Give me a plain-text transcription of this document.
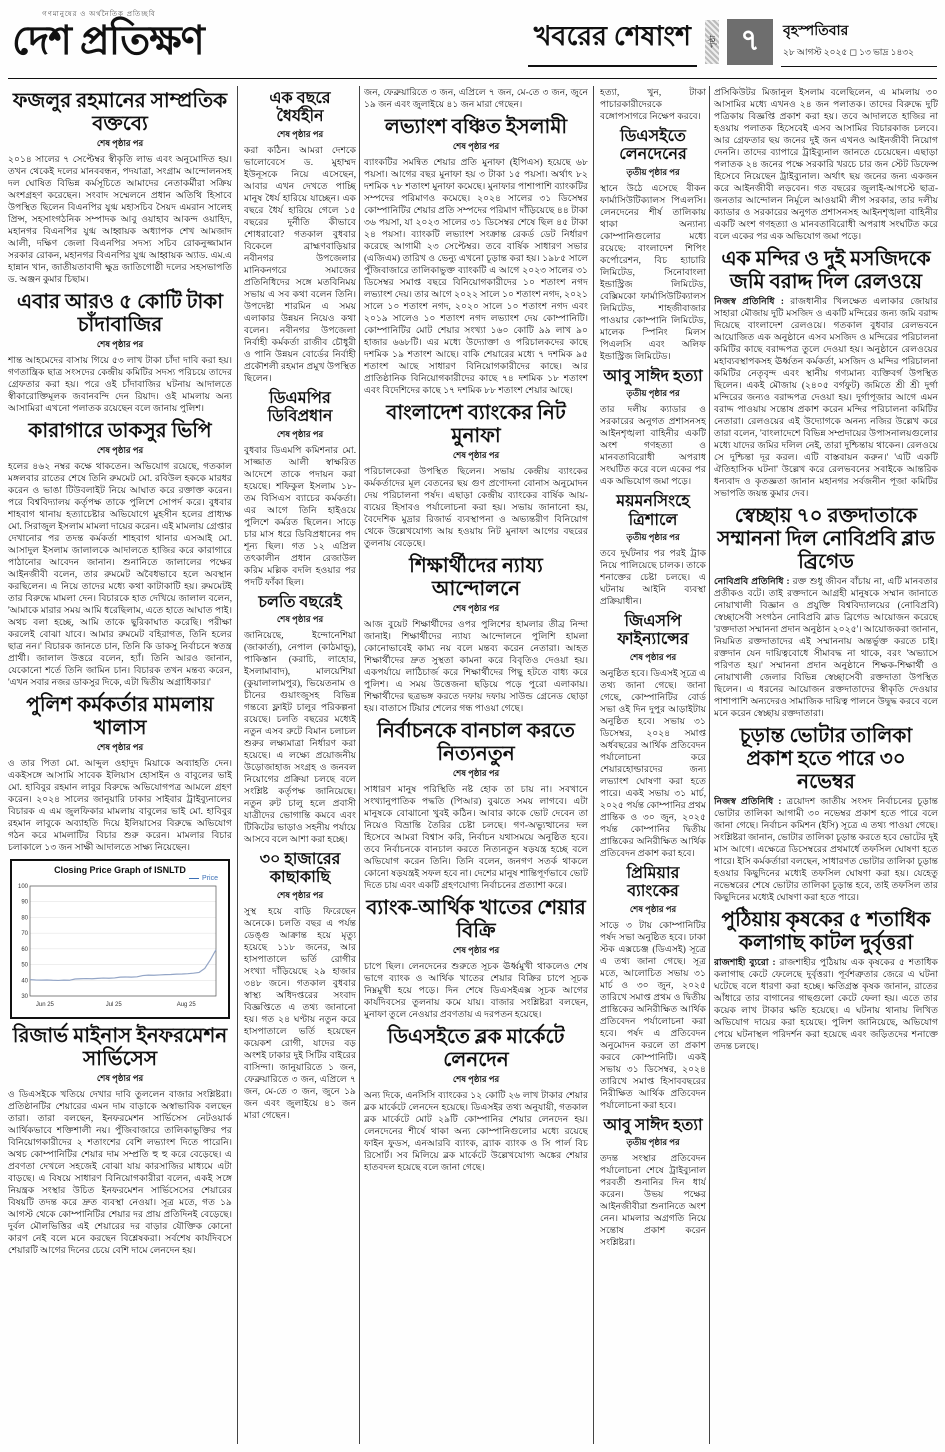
গণমানুষের ও অর্থনৈতিক প্রতিচ্ছবি
দেশ প্রতিক্ষণ	খবরের শেষাংশ	পৃষ্ঠা ৭	বৃহস্পতিবার
২৮ আগস্ট ২০২৫ ◻ ১৩ ভাদ্র ১৪৩২
ফজলুর রহমানের সাম্প্রতিক বক্তব্যে
শেষ পৃষ্ঠার পর
২০১৪ সালের ৭ সেপ্টেম্বর স্বীকৃতি লাভ এবং অনুমোদিত হয়। তখন থেকেই দলের মানববন্ধন, পদযাত্রা, সংগ্রাম আন্দোলনসহ দল ঘোষিত বিভিন্ন কর্মসূচিতে আমাদের নেতাকর্মীরা সক্রিয় অংশগ্রহণ করেছেন। সংবাদ সম্মেলনে প্রধান অতিথি হিসাবে উপস্থিত ছিলেন বিএনপির যুগ্ম মহাসচিব সৈয়দ এমরান সালেহ প্রিন্স, সহসাংগঠনিক সম্পাদক আবু ওয়াহাব আকন্দ ওয়াহিদ, মহানগর বিএনপির যুগ্ম আহ্বায়ক অধ্যাপক শেখ আমজাদ আলী, দক্ষিণ জেলা বিএনপির সদস্য সচিব রোকনুজ্জামান সরকার রোকন, মহানগর বিএনপির যুগ্ম আহ্বায়ক অ্যাড. এম.এ হান্নান খান, জাতীয়তাবাদী ক্ষুদ্র জাতিগোষ্ঠী দলের সহসভাপতি ড. অঞ্জন কুমার চিছাম।
এবার আরও ৫ কোটি টাকা চাঁদাবাজির
শেষ পৃষ্ঠার পর
শান্ত আহমেদের বাসায় গিয়ে ৫৩ লাখ টাকা চাঁদা দাবি করা হয়। গণতান্ত্রিক ছাত্র সংসদের কেন্দ্রীয় কমিটির সদস্য পরিচয়ে তাদের গ্রেফতার করা হয়। পরে ওই চাঁদাবাজির ঘটনায় আদালতে স্বীকারোক্তিমূলক জবানবন্দি দেন রিয়াদ। ওই মামলায় অন্য আসামিরা এখনো পলাতক রয়েছেন বলে জানায় পুলিশ।
কারাগারে ডাকসুর ভিপি
শেষ পৃষ্ঠার পর
হলের ৪৬২ নম্বর কক্ষে থাকতেন। অভিযোগ রয়েছে, গতকাল মঙ্গলবার রাতের শেষে তিনি রুমমেট মো. রবিউল হককে মারধর করেন ও ভাঙা টিউবলাইট নিয়ে আঘাত করে রক্তাক্ত করেন। পরে বিশ্ববিদ্যালয় কর্তৃপক্ষ তাকে পুলিশে সোপর্দ করে। বুধবার শাহবাগ থানায় হত্যাচেষ্টার অভিযোগে মুহসীন হলের প্রাধ্যক্ষ মো. সিরাজুল ইসলাম মামলা দায়ের করেন। এই মামলায় গ্রেপ্তার দেখানোর পর তদন্ত কর্মকর্তা শাহবাগ থানার এসআই মো. আসাদুল ইসলাম জালালকে আদালতে হাজির করে কারাগারে পাঠানোর আবেদন জানান। শুনানিতে জালালের পক্ষের আইনজীবী বলেন, তার রুমমেট অবৈধভাবে হলে অবস্থান করছিলেন। এ নিয়ে তাদের মধ্যে কথা কাটাকাটি হয়। রুমমেটই তার বিরুদ্ধে মামলা দেন। বিচারকে হাত দেখিয়ে জালাল বলেন, 'আমাকে মারার সময় আমি ধরেছিলাম, এতে হাতে আঘাত পাই। অথচ বলা হচ্ছে, আমি তাকে ছুরিকাঘাত করেছি। পরীক্ষা করলেই বোঝা যাবে। আমার রুমমেট বহিরাগত, তিনি হলের ছাত্র নন।' বিচারক জানতে চান, তিনি কি ডাকসু নির্বাচনে স্বতন্ত্র প্রার্থী। জালাল উত্তরে বলেন, হ্যাঁ। তিনি আরও জানান, যেকোনো শর্তে তিনি জামিন চান। বিচারক তখন মন্তব্য করেন, 'এখন সবার নজর ডাকসুর দিকে, এটা দ্বিতীয় অগ্রাধিকার।'
পুলিশ কর্মকর্তার মামলায় খালাস
শেষ পৃষ্ঠার পর
ও তার পিতা মো. আব্দুল ওহাদুদ মিয়াকে অব্যাহতি দেন। একইসঙ্গে আসামি সাবেক ইলিয়াস হোসাইন ও বাবুলের ভাই মো. হাবিবুর রহমান লাবুর বিরুদ্ধে অভিযোগপত্র আমলে গ্রহণ করেন। ২০২৪ সালের জানুয়ারি ঢাকার সাইবার ট্রাইব্যুনালের বিচারক এ এম জুলফিকার মামলায় বাবুলের ভাই মো. হাবিবুর রহমান লাবুকে অব্যাহতি দিয়ে ইলিয়াসের বিরুদ্ধে অভিযোগ গঠন করে মামলাটির বিচার শুরু করেন। মামলার বিচার চলাকালে ১৩ জন সাক্ষী আদালতে সাক্ষ্য নিয়েছেন।
Closing Price Graph of ISNLTD
Price
30
40
50
60
70
80
90
100
Jun 25	Jul 25	Aug 25
রিজার্ভ মাইনাস ইনফরমেশন সার্ভিসেস
শেষ পৃষ্ঠার পর
ও ডিএসইকে খতিয়ে দেখার দাবি তুললেন বাজার সংশ্লিষ্টরা। প্রতিষ্ঠানটির শেয়ারের এমন দাম বাড়াকে অস্বাভাবিক বলছেন তারা। তারা বলছেন, ইনফরমেশন সার্ভিসেস নেটওয়ার্ক আর্থিকভাবে শক্তিশালী নয়। পুঁজিবাজারে তালিকাভুক্তির পর বিনিয়োগকারীদের ২ শতাংশের বেশি লভ্যাংশ দিতে পারেনি। অথচ কোম্পানিটির শেয়ার দাম সম্প্রতি হু হু করে বেড়েছে। এ প্রবণতা দেখলে সহজেই বোঝা যায় কারসাজির মাধ্যমে এটা বাড়ছে। এ বিষয়ে সাধারণ বিনিয়োগকারীরা বলেন, একই সঙ্গে নিয়ন্ত্রক সংস্থার উচিত ইনফরমেশন সার্ভিসেসের শেয়ারের বিষয়টি তদন্ত করে দ্রুত ব্যবস্থা নেওয়া। সূত্র মতে, গত ১৯ আগস্ট থেকে কোম্পানিটির শেয়ার দর প্রায় প্রতিদিনই বেড়েছে। দুর্বল মৌলভিত্তির এই শেয়ারের দর বাড়ার যৌক্তিক কোনো কারণ নেই বলে মনে করছেন বিশ্লেষকরা। সর্বশেষ কার্যদিবসে শেয়ারটি আগের দিনের চেয়ে বেশি দামে লেনদেন হয়।
এক বছরে ধৈর্যহীন
শেষ পৃষ্ঠার পর
করা কঠিন। আমরা দেশকে ভালোবেসে ড. মুহাম্মদ ইউনূসকে নিয়ে এসেছেন, আবার এখন দেখতে পাচ্ছি মানুষ ধৈর্য হারিয়ে যাচ্ছেন। এক বছরে ধৈর্য হারিয়ে গেলে ১৫ বছরের দুর্নীতি কীভাবে শোধরাবো? গতকাল বুধবার বিকেলে ব্রাহ্মণবাড়িয়ার নবীনগর উপজেলার মানিকনগরে সমাজের প্রতিনিধিদের সঙ্গে মতবিনিময় সভায় এ সব কথা বলেন তিনি। উপদেষ্টা শারমিন এ সময় এলাকার উন্নয়ন নিয়েও কথা বলেন। নবীনগর উপজেলা নির্বাহী কর্মকর্তা রাজীব চৌধুরী ও পানি উন্নয়ন বোর্ডের নির্বাহী প্রকৌশলী রহমান প্রমুখ উপস্থিত ছিলেন।
ডিএমপির ডিবিপ্রধান
শেষ পৃষ্ঠার পর
বুধবার ডিএমপি কমিশনার মো. সাজ্জাত আলী স্বাক্ষরিত আদেশে তাকে পদায়ন করা হয়েছে। শফিকুল ইসলাম ১৮-তম বিসিএস ব্যাচের কর্মকর্তা। এর আগে তিনি হাইওয়ে পুলিশে কর্মরত ছিলেন। সাড়ে চার মাস ধরে ডিবিপ্রধানের পদ শূন্য ছিল। গত ১২ এপ্রিল তৎকালীন প্রধান রেজাউল করিম মল্লিক বদলি হওয়ার পর পদটি ফাঁকা ছিল।
চলতি বছরেই
শেষ পৃষ্ঠার পর
জানিয়েছে, ইন্দোনেশিয়া (জাকার্তা), নেপাল (কাঠমান্ডু), পাকিস্তান (করাচি, লাহোর, ইসলামাবাদ), মালয়েশিয়া (কুয়ালালামপুর), ভিয়েতনাম ও চীনের গুয়াংজুসহ বিভিন্ন গন্তব্যে ফ্লাইট চালুর পরিকল্পনা রয়েছে। চলতি বছরের মধ্যেই নতুন এসব রুটে বিমান চলাচল শুরুর লক্ষ্যমাত্রা নির্ধারণ করা হয়েছে। এ লক্ষ্যে প্রয়োজনীয় উড়োজাহাজ সংগ্রহ ও জনবল নিয়োগের প্রক্রিয়া চলছে বলে সংশ্লিষ্ট কর্তৃপক্ষ জানিয়েছে। নতুন রুট চালু হলে প্রবাসী যাত্রীদের ভোগান্তি কমবে এবং টিকিটের ভাড়াও সহনীয় পর্যায়ে আসবে বলে আশা করা হচ্ছে।
৩০ হাজারের কাছাকাছি
শেষ পৃষ্ঠার পর
সুস্থ হয়ে বাড়ি ফিরেছেন অনেকে। চলতি বছর এ পর্যন্ত ডেঙ্গু আক্রান্ত হয়ে মৃত্যু হয়েছে ১১৮ জনের, আর হাসপাতালে ভর্তি রোগীর সংখ্যা দাঁড়িয়েছে ২৯ হাজার ৩৪৮ জনে। গতকাল বুধবার স্বাস্থ্য অধিদপ্তরের সংবাদ বিজ্ঞপ্তিতে এ তথ্য জানানো হয়। গত ২৪ ঘণ্টায় নতুন করে হাসপাতালে ভর্তি হয়েছেন কয়েকশ রোগী, যাদের বড় অংশই ঢাকার দুই সিটির বাইরের বাসিন্দা। জানুয়ারিতে ১ জন, ফেব্রুয়ারিতে ৩ জন, এপ্রিলে ৭ জন, মে-তে ৩ জন, জুনে ১৯ জন এবং জুলাইয়ে ৪১ জন মারা গেছেন।
জন, ফেব্রুয়ারিতে ৩ জন, এপ্রিলে ৭ জন, মে-তে ৩ জন, জুনে ১৯ জন এবং জুলাইয়ে ৪১ জন মারা গেছেন।
লভ্যাংশ বঞ্চিত ইসলামী
শেষ পৃষ্ঠার পর
ব্যাংকটির সমন্বিত শেয়ার প্রতি মুনাফা (ইপিএস) হয়েছে ৬৮ পয়সা। আগের বছর মুনাফা হয় ৩ টাকা ১৫ পয়সা। অর্থাৎ ৮২ দশমিক ৭৮ শতাংশ মুনাফা কমেছে। মুনাফার পাশাপাশি ব্যাংকটির সম্পদের পরিমাণও কমেছে। ২০২৪ সালের ৩১ ডিসেম্বর কোম্পানিটির শেয়ার প্রতি সম্পদের পরিমাণ দাঁড়িয়েছে ৪৪ টাকা ৩৬ পয়সা, যা ২০২৩ সালের ৩১ ডিসেম্বর শেষে ছিল ৪৫ টাকা ২৪ পয়সা। ব্যাংকটি লভ্যাংশ সংক্রান্ত রেকর্ড ডেট নির্ধারণ করেছে আগামী ২৩ সেপ্টেম্বর। তবে বার্ষিক সাধারণ সভার (এজিএম) তারিখ ও ভেন্যু এখনো চূড়ান্ত করা হয়। ১৯৮৫ সালে পুঁজিবাজারে তালিকাভুক্ত ব্যাংকটি এ আগে ২০২৩ সালের ৩১ ডিসেম্বর সমাপ্ত বছরে বিনিয়োগকারীদের ১০ শতাংশ নগদ লভ্যাংশ দেয়। তার আগে ২০২২ সালে ১০ শতাংশ নগদ, ২০২১ সালে ১০ শতাংশ নগদ, ২০২০ সালে ১০ শতাংশ নগদ এবং ২০১৯ সালেও ১০ শতাংশ নগদ লভ্যাংশ দেয় কোম্পানিটি। কোম্পানিটির মোট শেয়ার সংখ্যা ১৬০ কোটি ৯৯ লাখ ৯০ হাজার ৬৬৮টি। এর মধ্যে উদ্যোক্তা ও পরিচালকদের কাছে দশমিক ১৯ শতাংশ আছে। বাকি শেয়ারের মধ্যে ৭ দশমিক ৯৫ শতাংশ আছে সাধারণ বিনিয়োগকারীদের কাছে। আর প্রাতিষ্ঠানিক বিনিয়োগকারীদের কাছে ৭৪ দশমিক ১৮ শতাংশ এবং বিদেশিদের কাছে ১৭ দশমিক ৮৮ শতাংশ শেয়ার আছে।
বাংলাদেশ ব্যাংকের নিট মুনাফা
শেষ পৃষ্ঠার পর
পরিচালকেরা উপস্থিত ছিলেন। সভায় কেন্দ্রীয় ব্যাংকের কর্মকর্তাদের মূল বেতনের ছয় গুণ প্রণোদনা বোনাস অনুমোদন দেয় পরিচালনা পর্ষদ। এছাড়া কেন্দ্রীয় ব্যাংকের বার্ষিক আয়-ব্যয়ের হিসাবও পর্যালোচনা করা হয়। সভায় জানানো হয়, বৈদেশিক মুদ্রার রিজার্ভ ব্যবস্থাপনা ও অভ্যন্তরীণ বিনিয়োগ থেকে উল্লেখযোগ্য আয় হওয়ায় নিট মুনাফা আগের বছরের তুলনায় বেড়েছে।
শিক্ষার্থীদের ন্যায্য আন্দোলনে
শেষ পৃষ্ঠার পর
আজ বুয়েট শিক্ষার্থীদের ওপর পুলিশের হামলার তীব্র নিন্দা জানাই। শিক্ষার্থীদের ন্যায্য আন্দোলনে পুলিশি হামলা কোনোভাবেই কাম্য নয় বলে মন্তব্য করেন নেতারা। আহত শিক্ষার্থীদের দ্রুত সুস্থতা কামনা করে বিবৃতিও দেওয়া হয়। একপর্যায়ে লাঠিচার্জ করে শিক্ষার্থীদের পিছু হটতে বাধ্য করে পুলিশ। এ সময় উত্তেজনা ছড়িয়ে পড়ে পুরো এলাকায়। শিক্ষার্থীদের ছত্রভঙ্গ করতে দফায় দফায় সাউন্ড গ্রেনেড ছোড়া হয়। বাতাসে টিয়ার শেলের গন্ধ পাওয়া গেছে।
নির্বাচনকে বানচাল করতে নিত্যনতুন
শেষ পৃষ্ঠার পর
সাধারণ মানুষ পরিস্থিতি নষ্ট হোক তা চায় না। সবখানে সংখ্যানুপাতিক পদ্ধতি (পিআর) বুঝতে সময় লাগবে। এটা মানুষকে বোঝানো খুবই কঠিন। আবার কাকে ভোট দেবেন তা নিয়েও বিভ্রান্তি তৈরির চেষ্টা চলছে। গণ-অভ্যুত্থানের দল হিসেবে আমরা বিশ্বাস করি, নির্বাচন যথাসময়ে অনুষ্ঠিত হবে। তবে নির্বাচনকে বানচাল করতে নিত্যনতুন ষড়যন্ত্র হচ্ছে বলে অভিযোগ করেন তিনি। তিনি বলেন, জনগণ সতর্ক থাকলে কোনো ষড়যন্ত্রই সফল হবে না। দেশের মানুষ শান্তিপূর্ণভাবে ভোট দিতে চায় এবং একটি গ্রহণযোগ্য নির্বাচনের প্রত্যাশা করে।
ব্যাংক-আর্থিক খাতের শেয়ার বিক্রি
শেষ পৃষ্ঠার পর
চাপে ছিল। লেনদেনের শুরুতে সূচক ঊর্ধ্বমুখী থাকলেও শেষ ভাগে ব্যাংক ও আর্থিক খাতের শেয়ার বিক্রির চাপে সূচক নিম্নমুখী হয়ে পড়ে। দিন শেষে ডিএসইএক্স সূচক আগের কার্যদিবসের তুলনায় কমে যায়। বাজার সংশ্লিষ্টরা বলছেন, মুনাফা তুলে নেওয়ার প্রবণতায় এ দরপতন হয়েছে।
ডিএসইতে ব্লক মার্কেটে লেনদেন
শেষ পৃষ্ঠার পর
অন্য দিকে, এনসিসি ব্যাংকের ১২ কোটি ২৬ লাখ টাকার শেয়ার ব্লক মার্কেটে লেনদেন হয়েছে। ডিএসইর তথ্য অনুযায়ী, গতকাল ব্লক মার্কেটে মোট ২৯টি কোম্পানির শেয়ার লেনদেন হয়। লেনদেনের শীর্ষে থাকা অন্য কোম্পানিগুলোর মধ্যে রয়েছে ফাইন ফুডস, এনআরবি ব্যাংক, ব্র্যাক ব্যাংক ও সি পার্ল বিচ রিসোর্ট। সব মিলিয়ে ব্লক মার্কেটে উল্লেখযোগ্য অঙ্কের শেয়ার হাতবদল হয়েছে বলে জানা গেছে।
হত্যা, খুন, টাকা পাচারকারীদেরকে বঙ্গোপসাগরে নিক্ষেপ করবে।
ডিএসইতে লেনদেনের
তৃতীয় পৃষ্ঠার পর
স্থানে উঠে এসেছে বীকন ফার্মাসিউটিক্যালস পিএলসি। লেনদেনের শীর্ষ তালিকায় থাকা অন্যান্য কোম্পানিগুলোর মধ্যে রয়েছে: বাংলাদেশ শিপিং কর্পোরেশন, বিচ হ্যাচারি লিমিটেড, সিনোবাংলা ইন্ডাস্ট্রিজ লিমিটেড, বেক্সিমকো ফার্মাসিউটিক্যালস লিমিটেড, শাহজীবাজার পাওয়ার কোম্পানি লিমিটেড, মালেক স্পিনিং মিলস পিএলসি এবং অলিফ ইন্ডাস্ট্রিজ লিমিটেড।
আবু সাঈদ হত্যা
তৃতীয় পৃষ্ঠার পর
তার দলীয় ক্যাডার ও সরকারের অনুগত প্রশাসনসহ আইনশৃঙ্খলা বাহিনীর একটি অংশ গণহত্যা ও মানবতাবিরোধী অপরাধ সংঘটিত করে বলে একের পর এক অভিযোগ জমা পড়ে।
ময়মনসিংহে ত্রিশালে
তৃতীয় পৃষ্ঠার পর
তবে দুর্ঘটনার পর পরই ট্রাক নিয়ে পালিয়েছে চালক। তাকে শনাক্তের চেষ্টা চলছে। এ ঘটনায় আইনি ব্যবস্থা প্রক্রিয়াধীন।
জিএসপি ফাইন্যান্সের
শেষ পৃষ্ঠার পর
অনুষ্ঠিত হবে। ডিএসই সূত্রে এ তথ্য জানা গেছে। জানা গেছে, কোম্পানিটির বোর্ড সভা ওই দিন দুপুর আড়াইটায় অনুষ্ঠিত হবে। সভায় ৩১ ডিসেম্বর, ২০২৪ সমাপ্ত অর্ধবছরের আর্থিক প্রতিবেদন পর্যালোচনা করে শেয়ারহোল্ডারদের জন্য লভ্যাংশ ঘোষণা করা হতে পারে। একই সভায় ৩১ মার্চ, ২০২৫ পর্যন্ত কোম্পানির প্রথম প্রান্তিক ও ৩০ জুন, ২০২৫ পর্যন্ত কোম্পানির দ্বিতীয় প্রান্তিকের অনিরীক্ষিত আর্থিক প্রতিবেদন প্রকাশ করা হবে।
প্রিমিয়ার ব্যাংকের
শেষ পৃষ্ঠার পর
সাড়ে ৩ টায় কোম্পানিটির পর্ষদ সভা অনুষ্ঠিত হবে। ঢাকা স্টক এক্সচেঞ্জ (ডিএসই) সূত্রে এ তথ্য জানা গেছে। সূত্র মতে, আলোচিত সভায় ৩১ মার্চ ও ৩০ জুন, ২০২৫ তারিখে সমাপ্ত প্রথম ও দ্বিতীয় প্রান্তিকের অনিরীক্ষিত আর্থিক প্রতিবেদন পর্যালোচনা করা হবে। পর্ষদ এ প্রতিবেদন অনুমোদন করলে তা প্রকাশ করবে কোম্পানিটি। একই সভায় ৩১ ডিসেম্বর, ২০২৪ তারিখে সমাপ্ত হিসাববছরের নিরীক্ষিত আর্থিক প্রতিবেদন পর্যালোচনা করা হবে।
আবু সাঈদ হত্যা
তৃতীয় পৃষ্ঠার পর
তদন্ত সংস্থার প্রতিবেদন পর্যালোচনা শেষে ট্রাইব্যুনাল পরবর্তী শুনানির দিন ধার্য করেন। উভয় পক্ষের আইনজীবীরা শুনানিতে অংশ নেন। মামলার অগ্রগতি নিয়ে সন্তোষ প্রকাশ করেন সংশ্লিষ্টরা।
প্রসিকিউটর মিজানুল ইসলাম বলেছিলেন, এ মামলায় ৩০ আসামির মধ্যে এখনও ২৪ জন পলাতক। তাদের বিরুদ্ধে দুটি পত্রিকায় বিজ্ঞপ্তি প্রকাশ করা হয়। তবে আদালতে হাজির না হওয়ায় পলাতক হিসেবেই এসব আসামির বিচারকাজ চলবে। আর গ্রেফতার ছয় জনের দুই জন এখনও আইনজীবী নিয়োগ দেননি। তাদের ব্যাপারে ট্রাইব্যুনাল জানতে চেয়েছেন। এছাড়া পলাতক ২৪ জনের পক্ষে সরকারি খরচে চার জন স্টেট ডিফেন্স হিসেবে নিয়েছেন ট্রাইব্যুনাল। অর্থাৎ ছয় জনের জন্য একজন করে আইনজীবী লড়বেন। গত বছরের জুলাই-আগস্টে ছাত্র-জনতার আন্দোলন নির্মূলে আওয়ামী লীগ সরকার, তার দলীয় ক্যাডার ও সরকারের অনুগত প্রশাসনসহ আইনশৃঙ্খলা বাহিনীর একটি অংশ গণহত্যা ও মানবতাবিরোধী অপরাধ সংঘটিত করে বলে একের পর এক অভিযোগ জমা পড়ে।
এক মন্দির ও দুই মসজিদকে জমি বরাদ্দ দিল রেলওয়ে
নিজস্ব প্রতিনিধি : রাজধানীর খিলক্ষেত এলাকার জোয়ার সাহারা মৌজায় দুটি মসজিদ ও একটি মন্দিরের জন্য জমি বরাদ্দ দিয়েছে বাংলাদেশ রেলওয়ে। গতকাল বুধবার রেলভবনে আয়োজিত এক অনুষ্ঠানে এসব মসজিদ ও মন্দিরের পরিচালনা কমিটির কাছে বরাদ্দপত্র তুলে দেওয়া হয়। অনুষ্ঠানে রেলওয়ের মহাব্যবস্থাপকসহ ঊর্ধ্বতন কর্মকর্তা, মসজিদ ও মন্দির পরিচালনা কমিটির নেতৃবৃন্দ এবং স্থানীয় গণ্যমান্য ব্যক্তিবর্গ উপস্থিত ছিলেন। একই মৌজায় (২৪০৫ বর্গফুট) জমিতে শ্রী শ্রী দুর্গা মন্দিরের জন্যও বরাদ্দপত্র দেওয়া হয়। দুর্গাপূজার আগে এমন বরাদ্দ পাওয়ায় সন্তোষ প্রকাশ করেন মন্দির পরিচালনা কমিটির নেতারা। রেলওয়ের এই উদ্যোগকে অনন্য নজির উল্লেখ করে তারা বলেন, 'বাংলাদেশে বিভিন্ন সম্প্রদায়ের উপাসনালয়গুলোর মধ্যে যাদের জমির দলিল নেই, তারা দুশ্চিন্তায় থাকেন। রেলওয়ে সে দুশ্চিন্তা দূর করল। এটি বাস্তবায়ন করুন।' 'এটি একটি ঐতিহাসিক ঘটনা' উল্লেখ করে রেলভবনের সবাইকে আন্তরিক ধন্যবাদ ও কৃতজ্ঞতা জানান মহানগর সর্বজনীন পূজা কমিটির সভাপতি জয়ন্ত কুমার দেব।
স্বেচ্ছায় ৭০ রক্তদাতাকে সম্মাননা দিল নোবিপ্রবি ব্লাড ব্রিগেড
নোবিপ্রবি প্রতিনিধি : রক্ত শুধু জীবন বাঁচায় না, এটি মানবতার প্রতীকও বটে। তাই রক্তদানে আগ্রহী মানুষকে সম্মান জানাতে নোয়াখালী বিজ্ঞান ও প্রযুক্তি বিশ্ববিদ্যালয়ের (নোবিপ্রবি) স্বেচ্ছাসেবী সংগঠন নোবিপ্রবি ব্লাড ব্রিগেড আয়োজন করেছে 'রক্তদাতা সম্মাননা প্রদান অনুষ্ঠান ২০২৫'। আয়োজকরা জানান, নিয়মিত রক্তদাতাদের এই সম্মাননায় অন্তর্ভুক্ত করতে চাই। রক্তদান যেন দায়িত্ববোধে সীমাবদ্ধ না থাকে, বরং 'অভ্যাসে পরিণত হয়।' সম্মাননা প্রদান অনুষ্ঠানে শিক্ষক-শিক্ষার্থী ও নোয়াখালী জেলার বিভিন্ন স্বেচ্ছাসেবী রক্তদাতা উপস্থিত ছিলেন। এ ধরনের আয়োজন রক্তদাতাদের স্বীকৃতি দেওয়ার পাশাপাশি অন্যদেরও সামাজিক দায়িত্ব পালনে উদ্বুদ্ধ করবে বলে মনে করেন স্বেচ্ছায় রক্তদাতারা।
চূড়ান্ত ভোটার তালিকা প্রকাশ হতে পারে ৩০ নভেম্বর
নিজস্ব প্রতিনিধি : ত্রয়োদশ জাতীয় সংসদ নির্বাচনের চূড়ান্ত ভোটার তালিকা আগামী ৩০ নভেম্বর প্রকাশ হতে পারে বলে জানা গেছে। নির্বাচন কমিশন (ইসি) সূত্রে এ তথ্য পাওয়া গেছে। সংশ্লিষ্টরা জানান, ভোটার তালিকা চূড়ান্ত করতে হবে ভোটের দুই মাস আগে। এক্ষেত্রে ডিসেম্বরের প্রথমার্ধে তফসিল ঘোষণা হতে পারে। ইসি কর্মকর্তারা বলছেন, সাধারণত ভোটার তালিকা চূড়ান্ত হওয়ার কিছুদিনের মধ্যেই তফসিল ঘোষণা করা হয়। যেহেতু নভেম্বরের শেষে ভোটার তালিকা চূড়ান্ত হবে, তাই তফসিল তার কিছুদিনের মধ্যেই ঘোষণা করা হতে পারে।
পুঠিয়ায় কৃষকের ৫ শতাধিক কলাগাছ কাটল দুর্বৃত্তরা
রাজশাহী ব্যুরো : রাজশাহীর পুঠিয়ায় এক কৃষকের ৫ শতাধিক কলাগাছ কেটে ফেলেছে দুর্বৃত্তরা। পূর্বশত্রুতার জেরে এ ঘটনা ঘটেছে বলে ধারণা করা হচ্ছে। ক্ষতিগ্রস্ত কৃষক জানান, রাতের আঁধারে তার বাগানের গাছগুলো কেটে ফেলা হয়। এতে তার কয়েক লাখ টাকার ক্ষতি হয়েছে। এ ঘটনায় থানায় লিখিত অভিযোগ দায়ের করা হয়েছে। পুলিশ জানিয়েছে, অভিযোগ পেয়ে ঘটনাস্থল পরিদর্শন করা হয়েছে এবং জড়িতদের শনাক্তে তদন্ত চলছে।
